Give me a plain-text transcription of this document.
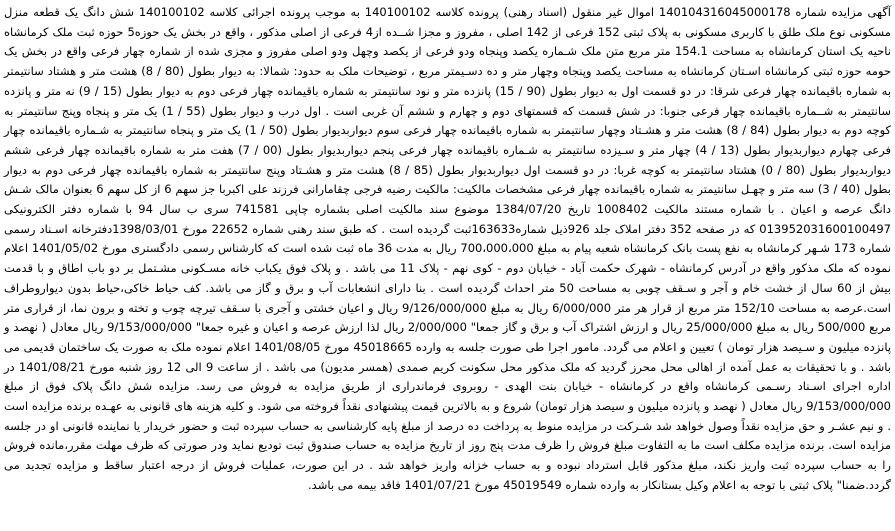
آگهی مزایده شماره 140104316045000178 اموال غیر منقول (اسناد رهنی) پرونده کلاسه 140100102 به موجب پرونده اجرائی کلاسه 140100102 شش دانگ یک قطعه منزل مسکونی نوع ملک طلق با کاربری مسکونی به پلاک ثبتی 152 فرعی از 142 اصلی ، مفروز و مجزا شــده از4 فرعی از اصلی مذکور ، واقع در بخش یک حوزه5 حوزه ثبت ملک کرمانشاه ناحیه یک استان کرمانشاه به مساحت 154.1 متر مربع متن ملک شـماره یکصد وپنجاه ودو فرعی از یکصد وچهل ودو اصلی مفروز و مجزی شده از شماره چهار فرعی واقع در بخش یک حومه حوزه ثبتی کرمانشاه اسـتان کرمانشاه به مساحت یکصد وپنجاه وچهار متر و ده دسـیمتر مربع ، توضیحات ملک به حدود: شمالا: به دیوار بطول (80 / 8) هشت متر و هشتاد سانتیمتر به شماره باقیمانده چهار فرعی شرقا: در دو قسمت اول به دیوار بطول (90 / 15) پانزده متر و نود سانتیمتر به شماره باقیمانده چهار فرعی دوم به دیوار بطول (15 / 9) نه متر و پانزده سانتیمتر به شــماره باقیمانده چهار فرعی جنوبا: در شش قسمت که قسمتهای دوم و چهارم و ششم آن غربی است . اول درب و دیوار بطول (55 / 1) یک متر و پنجاه وپنج سانتیمتر به کوچه دوم به دیوار بطول (84 / 8) هشت متر و هشـتاد وچهار سانتیمتر به شماره باقیمانده چهار فرعی سوم دیواربدیوار بطول (50 / 1) یک متر و پنجاه سانتیمتر به شـماره باقیمانده چهار فرعی چهارم دیواربدیوار بطول (13 / 4) چهار متر و سـیزده سانتیمتر به شـماره باقیمانده چهار فرعی پنجم دیواربدیوار بطول (00 / 7) هفت متر به شماره باقیمانده چهار فرعی ششم دیواربدیوار بطول (80 / 0) هشتاد سانتیمتر به کوچه غربا: در دو قسمت اول دیواربدیوار بطول (85 / 8) هشت متر و هشـتاد وپنج سانتیمتر به شماره باقیمانده چهار فرعی دوم به دیوار بطول (40 / 3) سه متر و چهـل سانتیمتر به شماره باقیمانده چهار فرعی مشخصات مالکیت: مالکیت رضیه فرجی چقامارانی فرزند علی اکبربا جز سهم 6 از کل سهم 6 بعنوان مالک شـش دانگ عرصه و اعیان . با شماره مستند مالکیت 1008402 تاریخ 1384/07/20 موضوع سند مالکیت اصلی بشماره چاپی 741581 سری ب سال 94 با شماره دفتر الکترونیکی 013952031600100497 که در صفحه 352 دفتر املاک جلد 926ذیل شماره163633ثبت گردیده است . که طبق سند رهنی شماره 22652 مورخ 1398/03/01دفترخانه اسـناد رسمی شماره 173 شـهر کرمانشاه به نفع پست بانک کرمانشاه شعبه پیام به مبلغ 700،000،000 ریال به مدت 36 ماه ثبت شده است که کارشناس رسمی دادگستری مورخ 1401/05/02 اعلام نموده که ملک مذکور واقع در آدرس کرمانشاه - شهرک حکمت آباد - خیابان دوم - کوی نهم - پلاک 11 می باشد . و پلاک فوق یکباب خانه مسـکونی مشـتمل بر دو باب اطاق و با قدمت بیش از 60 سال از خشت خام و آجر و سـقف چوبی به مساحت 50 متر احداث گردیده است . بنا دارای انشعابات آب و برق و گاز می باشد. کف حیاط خاکی،حیاط بدون دیواروطراف است.عرصه به مساحت 152/10 متر مربع از قرار هر متر 6/000/000 ریال به مبلغ 9/126/000/000 ریال و اعیان خشتی و آجری با سـقف تیرچه چوب و تخته و برون نما، از قراری متر مربع 500/000 ریال به مبلغ 25/000/000 ریال و ارزش اشتراک آب و برق و گاز جمعا" 2/000/000 ریال لذا ارزش عرصه و اعیان و غیره جمعا" 9/153/000/000 ریال معادل ( نهصد و پانزده میلیون و سـیصد هزار تومان ) تعیین و اعلام می گردد. مامور اجرا طی صورت جلسه به وارده 45018665 مورخ 1401/08/05 اعلام نموده ملک به صورت یک ساختمان قدیمی می باشد . و با تحقیقات به عمل آمده از اهالی محل محرز گردید که ملک مذکور محل سکونت کریم صمدی (همسر مدیون) می باشد . از ساعت 9 الی 12 روز شنبه مورخ 1401/08/21 در اداره اجرای اسـناد رسـمی کرمانشاه واقع در کرمانشاه - خیابان بنت الهدی - روبروی فرماندراری از طریق مزایده به فروش می رسد. مزایده شش دانگ پلاک فوق از مبلغ 9/153/000/000 ریال معادل ( نهصد و پانزده میلیون و سیصد هزار تومان) شروع و به بالاترین قیمت پیشنهادی نقداً فروخته می شود. و کلیه هزینه های قانونی به عهـده برنده مزایده است . و نیم عشـر و حق مزایده نقداً وصول خواهد شد شـرکت در مزایده منوط به پرداخت ده درصد از مبلغ پایه کارشناسی به حساب سپرده ثبت و حضور خریدار یا نماینده قانونی او در جلسه مزایده است. برنده مزایده مکلف است ما به التفاوت مبلغ فروش را ظرف مدت پنج روز از تاریخ مزایده به حساب صندوق ثبت تودیع نماید ودر صورتی که ظرف مهلت مقرر،مانده فروش را به حساب سپرده ثبت واریز نکند، مبلغ مذکور قابل استرداد نبوده و به حساب خزانه واریز خواهد شد . در این صورت، عملیات فروش از درجه اعتبار ساقط و مزایده تجدید می گردد.ضمنا" پلاک ثبتی با توجه به اعلام وکیل بستانکار به وارده شماره 45019549 مورخ 1401/07/21 فاقد بیمه می باشد.
